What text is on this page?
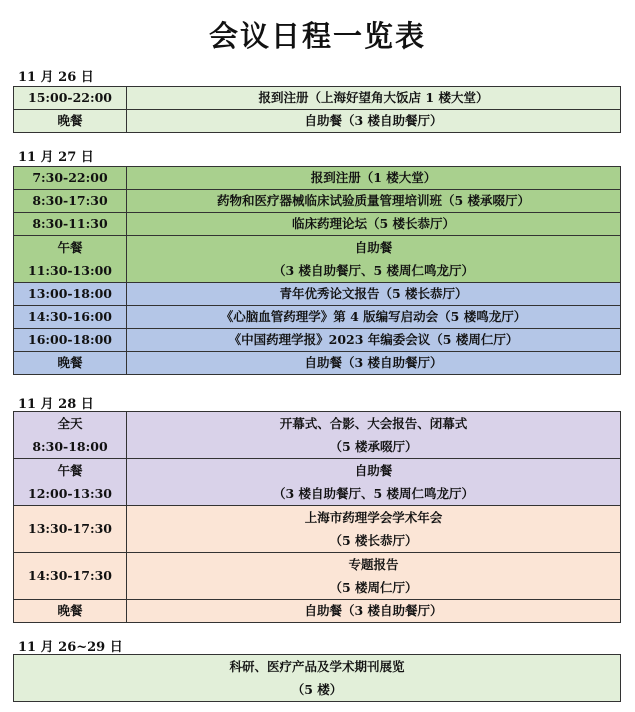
会议日程一览表
11 月 26 日
15:00-22:00	报到注册（上海好望角大饭店 1 楼大堂）
晚餐	自助餐（3 楼自助餐厅）
11 月 27 日
7:30-22:00	报到注册（1 楼大堂）
8:30-17:30	药物和医疗器械临床试验质量管理培训班（5 楼承啜厅）
8:30-11:30	临床药理论坛（5 楼长恭厅）

午餐
11:30-13:00	自助餐
（3 楼自助餐厅、5 楼周仁鸣龙厅）

13:00-18:00	青年优秀论文报告（5 楼长恭厅）
14:30-16:00	《心脑血管药理学》第 4 版编写启动会（5 楼鸣龙厅）
16:00-18:00	《中国药理学报》2023 年编委会议（5 楼周仁厅）
晚餐	自助餐（3 楼自助餐厅）
11 月 28 日
全天
8:30-18:00	开幕式、合影、大会报告、闭幕式
（5 楼承啜厅）

午餐
12:00-13:30	自助餐
（3 楼自助餐厅、5 楼周仁鸣龙厅）

13:30-17:30	上海市药理学会学术年会
（5 楼长恭厅）

14:30-17:30	专题报告
（5 楼周仁厅）

晚餐	自助餐（3 楼自助餐厅）
11 月 26~29 日
科研、医疗产品及学术期刊展览
（5 楼）
